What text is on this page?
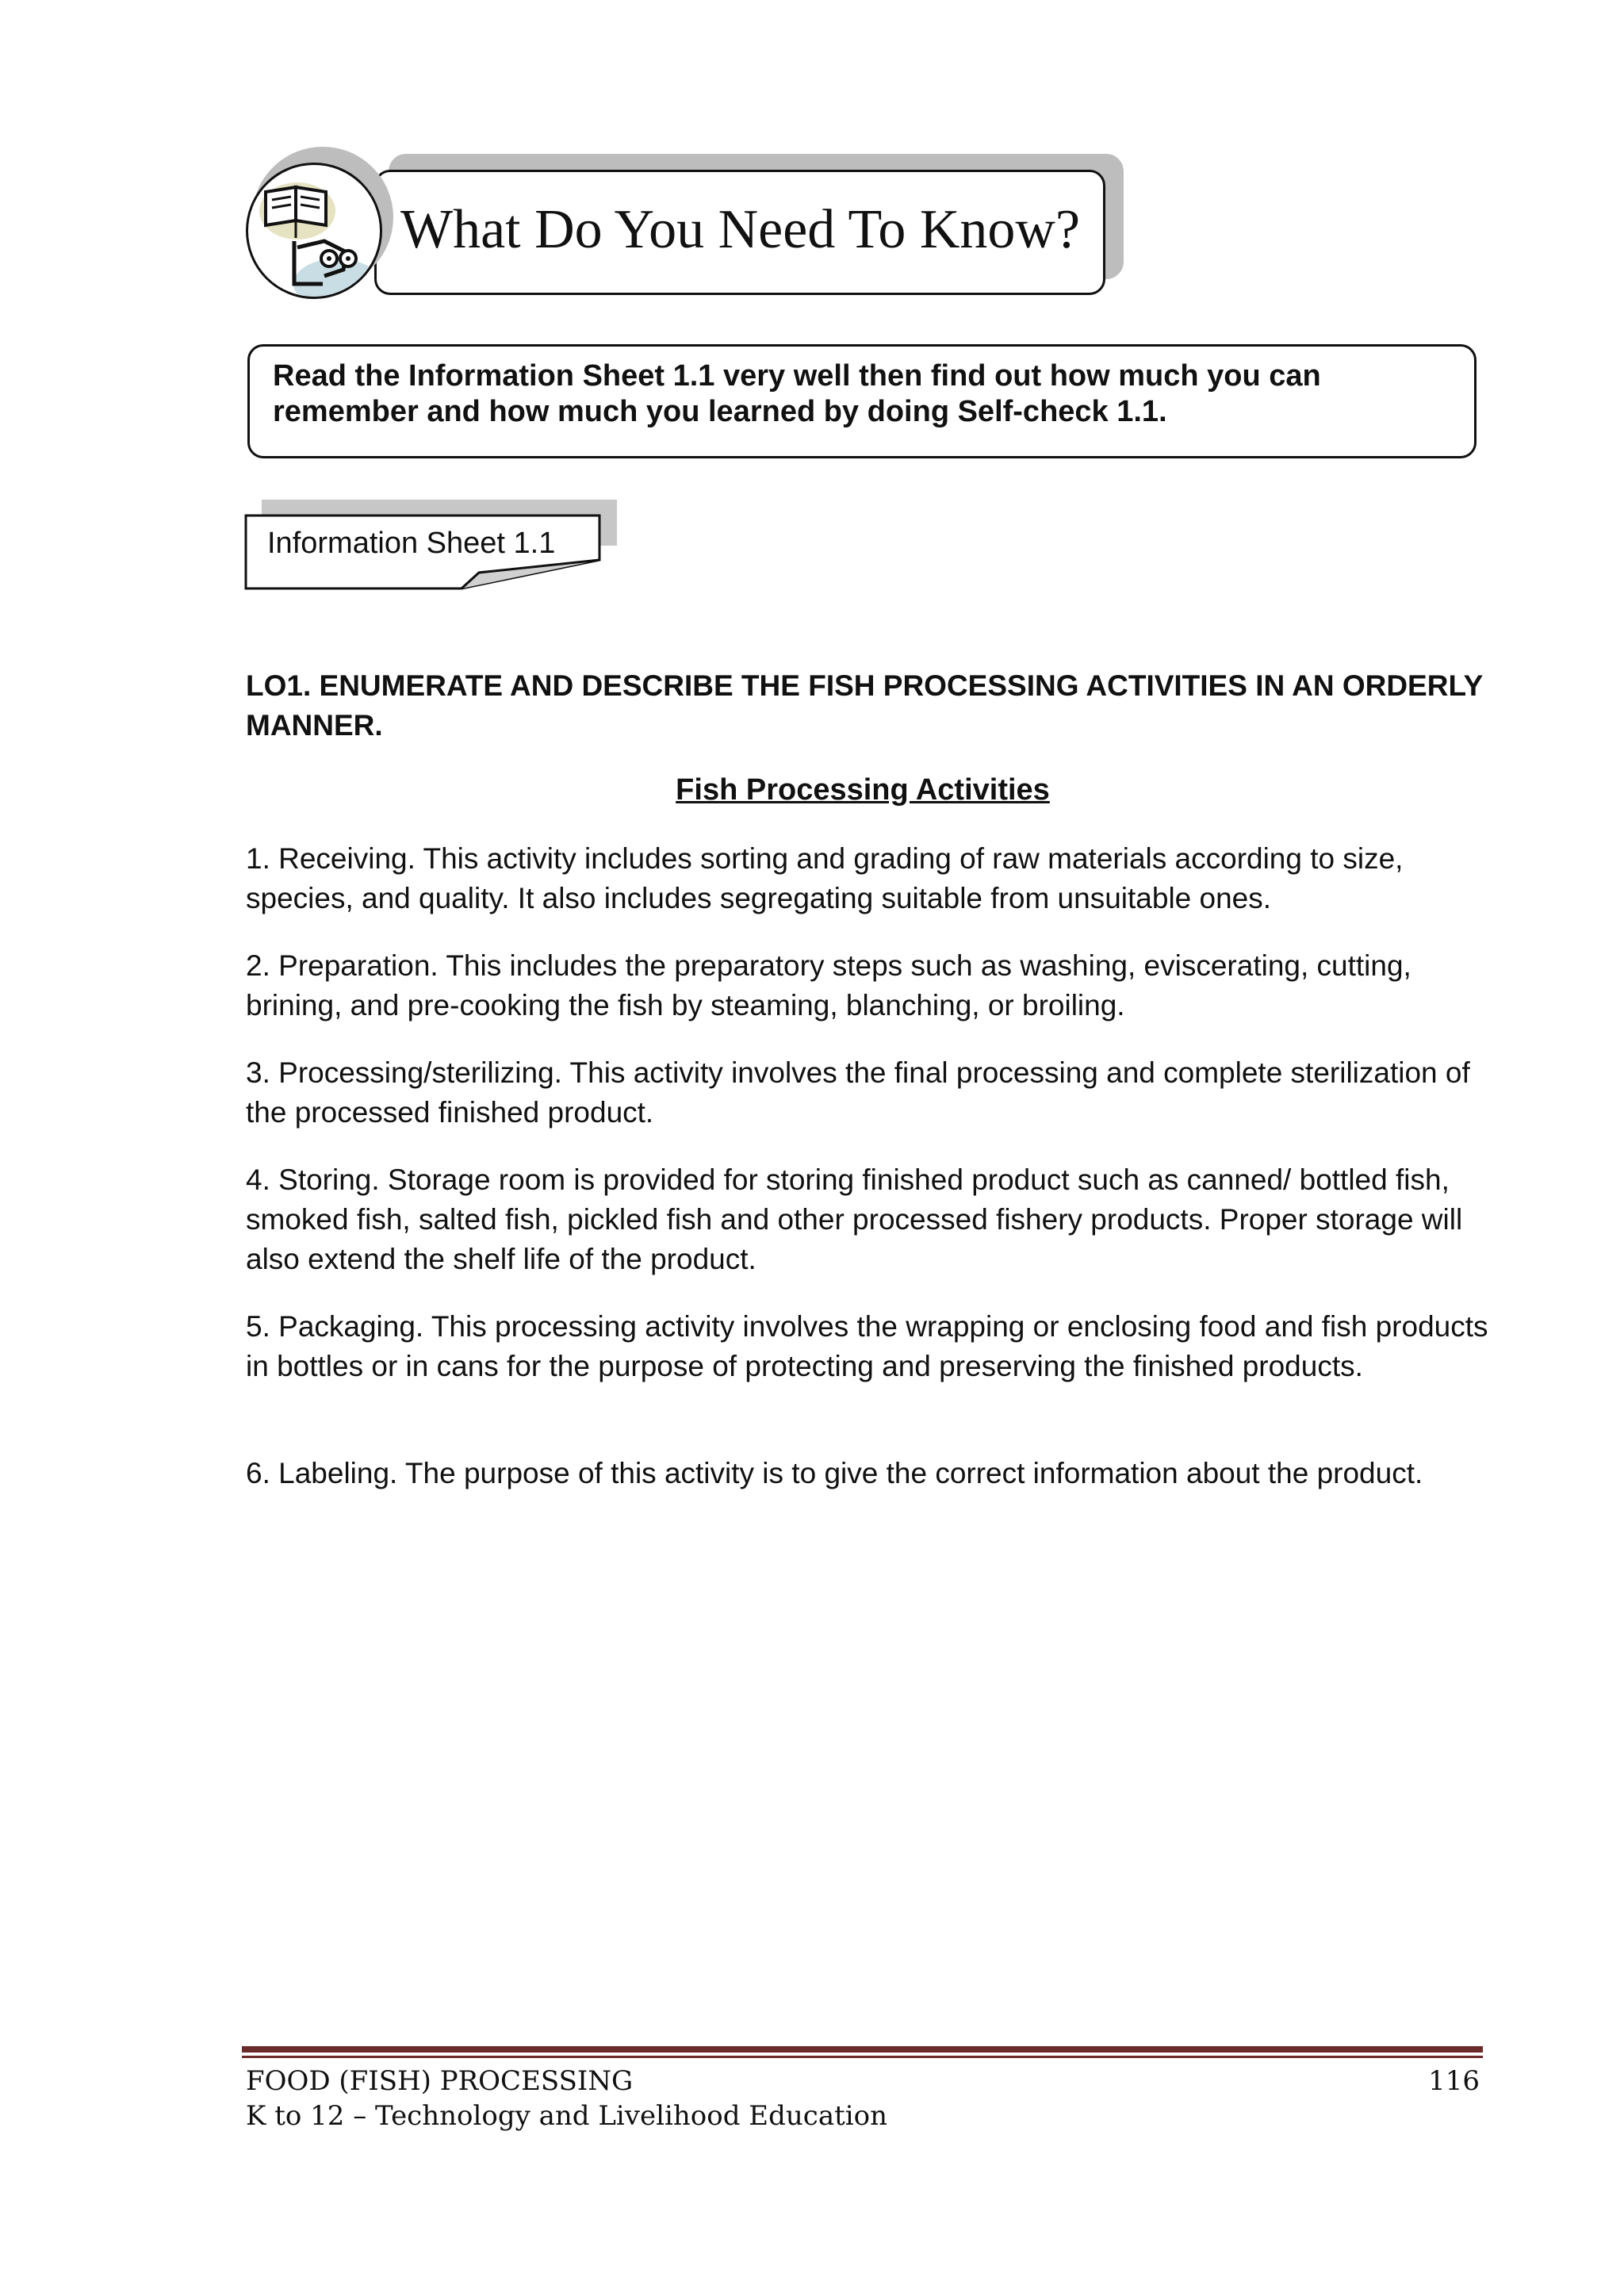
What Do You Need To Know?
Read the Information Sheet 1.1 very well then find out how much you can remember and how much you learned by doing Self-check 1.1.
Information Sheet 1.1
LO1. ENUMERATE AND DESCRIBE THE FISH PROCESSING ACTIVITIES IN AN ORDERLY MANNER.
Fish Processing Activities
1. Receiving. This activity includes sorting and grading of raw materials according to size, species, and quality. It also includes segregating suitable from unsuitable ones.
2. Preparation. This includes the preparatory steps such as washing, eviscerating, cutting, brining, and pre-cooking the fish by steaming, blanching, or broiling.
3. Processing/sterilizing. This activity involves the final processing and complete sterilization of the processed finished product.
4. Storing. Storage room is provided for storing finished product such as canned/ bottled fish, smoked fish, salted fish, pickled fish and other processed fishery products. Proper storage will also extend the shelf life of the product.
5. Packaging. This processing activity involves the wrapping or enclosing food and fish products in bottles or in cans for the purpose of protecting and preserving the finished products.
6. Labeling. The purpose of this activity is to give the correct information about the product.
FOOD (FISH) PROCESSING
K to 12 – Technology and Livelihood Education
116
